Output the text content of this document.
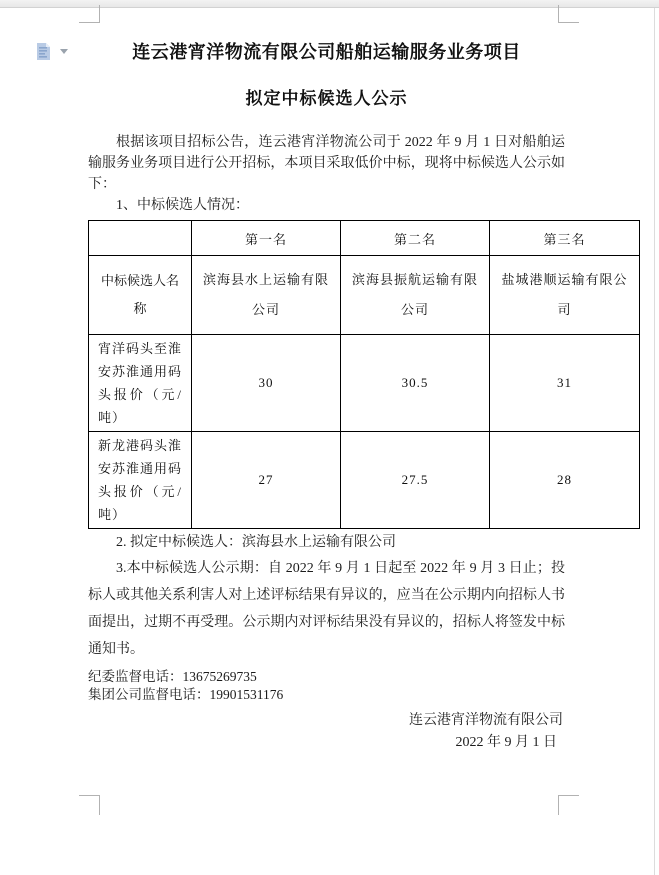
连云港宵洋物流有限公司船舶运输服务业务项目
拟定中标候选人公示

根据该项目招标公告，连云港宵洋物流公司于 2022 年 9 月 1 日对船舶运输服务业务项目进行公开招标，本项目采取低价中标，现将中标候选人公示如下：

1、中标候选人情况：

	第一名	第二名	第三名
中标候选人名称	滨海县水上运输有限公司	滨海县振航运输有限公司	盐城港顺运输有限公司
宵洋码头至淮安苏淮通用码头报价（元/吨）	30	30.5	31
新龙港码头淮安苏淮通用码头报价（元/吨）	27	27.5	28

2. 拟定中标候选人：滨海县水上运输有限公司

3.本中标候选人公示期：自 2022 年 9 月 1 日起至 2022 年 9 月 3 日止；投标人或其他关系利害人对上述评标结果有异议的，应当在公示期内向招标人书面提出，过期不再受理。公示期内对评标结果没有异议的，招标人将签发中标通知书。

纪委监督电话：13675269735

集团公司监督电话：19901531176

连云港宵洋物流有限公司

2022 年 9 月 1 日
